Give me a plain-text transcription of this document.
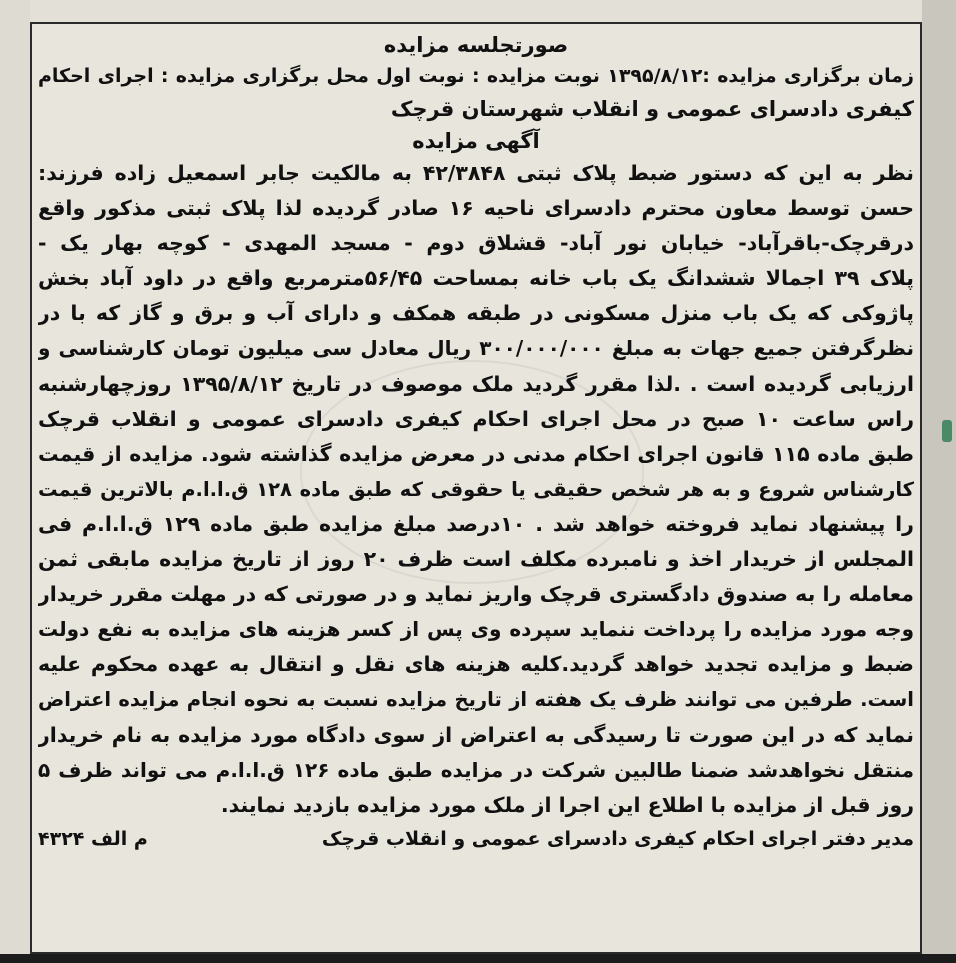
صورتجلسه مزایده

زمان برگزاری مزایده :۱۳۹۵/۸/۱۲ نوبت مزایده : نوبت اول محل برگزاری مزایده : اجرای احکام

کیفری دادسرای عمومی و انقلاب شهرستان قرچک

آگهی مزایده

نظر به این که دستور ضبط پلاک ثبتی ۴۲/۳۸۴۸ به مالکیت جابر اسمعیل زاده فرزند:

حسن توسط معاون محترم دادسرای ناحیه ۱۶ صادر گردیده لذا پلاک ثبتی مذکور واقع

درقرچک-باقرآباد- خیابان نور آباد- قشلاق دوم - مسجد المهدی - کوچه بهار یک -

پلاک ۳۹ اجمالا ششدانگ یک باب خانه بمساحت ۵۶/۴۵مترمربع واقع در داود آباد بخش

پاژوکی که یک باب منزل مسکونی در طبقه همکف و دارای آب و برق و گاز که با در

نظرگرفتن جمیع جهات به مبلغ ۳۰۰/۰۰۰/۰۰۰ ریال معادل سی میلیون تومان کارشناسی و

ارزیابی گردیده است . .لذا مقرر گردید ملک موصوف در تاریخ ۱۳۹۵/۸/۱۲ روزچهارشنبه

راس ساعت ۱۰ صبح در محل اجرای احکام کیفری دادسرای عمومی و انقلاب قرچک

طبق ماده ۱۱۵ قانون اجرای احکام مدنی در معرض مزایده گذاشته شود. مزایده از قیمت

کارشناس شروع و به هر شخص حقیقی یا حقوقی که طبق ماده ۱۲۸ ق.ا.ا.م بالاترین قیمت

را پیشنهاد نماید فروخته خواهد شد . ۱۰درصد مبلغ مزایده طبق ماده ۱۲۹ ق.ا.ا.م فی

المجلس از خریدار اخذ و نامبرده مکلف است ظرف ۲۰ روز از تاریخ مزایده مابقی ثمن

معامله را به صندوق دادگستری قرچک واریز نماید و در صورتی که در مهلت مقرر خریدار

وجه مورد مزایده را پرداخت ننماید سپرده وی پس از کسر هزینه های مزایده به نفع دولت

ضبط و مزایده تجدید خواهد گردید.کلیه هزینه های نقل و انتقال به عهده محکوم علیه

است. طرفین می توانند ظرف یک هفته از تاریخ مزایده نسبت به نحوه انجام مزایده اعتراض

نماید که در این صورت تا رسیدگی به اعتراض از سوی دادگاه مورد مزایده به نام خریدار

منتقل نخواهدشد ضمنا طالبین شرکت در مزایده طبق ماده ۱۲۶ ق.ا.ا.م می تواند ظرف ۵

روز قبل از مزایده با اطلاع این اجرا از ملک مورد مزایده بازدید نمایند.

مدیر دفتر اجرای احکام کیفری دادسرای عمومی و انقلاب قرچک
م الف ۴۳۲۴
